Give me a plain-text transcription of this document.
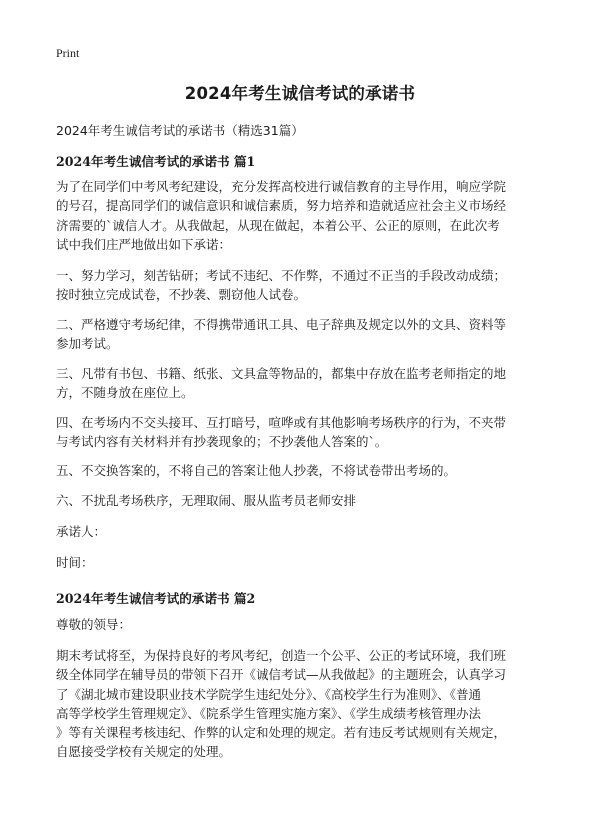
Print
2024年考生诚信考试的承诺书
2024年考生诚信考试的承诺书（精选31篇）
2024年考生诚信考试的承诺书 篇1
为了在同学们中考风考纪建设，充分发挥高校进行诚信教育的主导作用，响应学院
的号召，提高同学们的诚信意识和诚信素质，努力培养和造就适应社会主义市场经
济需要的`诚信人才。从我做起，从现在做起，本着公平、公正的原则，在此次考
试中我们庄严地做出如下承诺：
一、努力学习，刻苦钻研；考试不违纪、不作弊，不通过不正当的手段改动成绩；
按时独立完成试卷，不抄袭、剽窃他人试卷。
二、严格遵守考场纪律，不得携带通讯工具、电子辞典及规定以外的文具、资料等
参加考试。
三、凡带有书包、书籍、纸张、文具盒等物品的，都集中存放在监考老师指定的地
方，不随身放在座位上。
四、在考场内不交头接耳、互打暗号，喧哗或有其他影响考场秩序的行为，不夹带
与考试内容有关材料并有抄袭现象的；不抄袭他人答案的`。
五、不交换答案的，不将自己的答案让他人抄袭，不将试卷带出考场的。
六、不扰乱考场秩序，无理取闹、服从监考员老师安排
承诺人：
时间：
2024年考生诚信考试的承诺书 篇2
尊敬的领导：
期末考试将至，为保持良好的考风考纪，创造一个公平、公正的考试环境，我们班
级全体同学在辅导员的带领下召开《诚信考试—从我做起》的主题班会，认真学习
了《湖北城市建设职业技术学院学生违纪处分》、《高校学生行为准则》、《普通
高等学校学生管理规定》、《院系学生管理实施方案》、《学生成绩考核管理办法
》等有关课程考核违纪、作弊的认定和处理的规定。若有违反考试规则有关规定，
自愿接受学校有关规定的处理。
